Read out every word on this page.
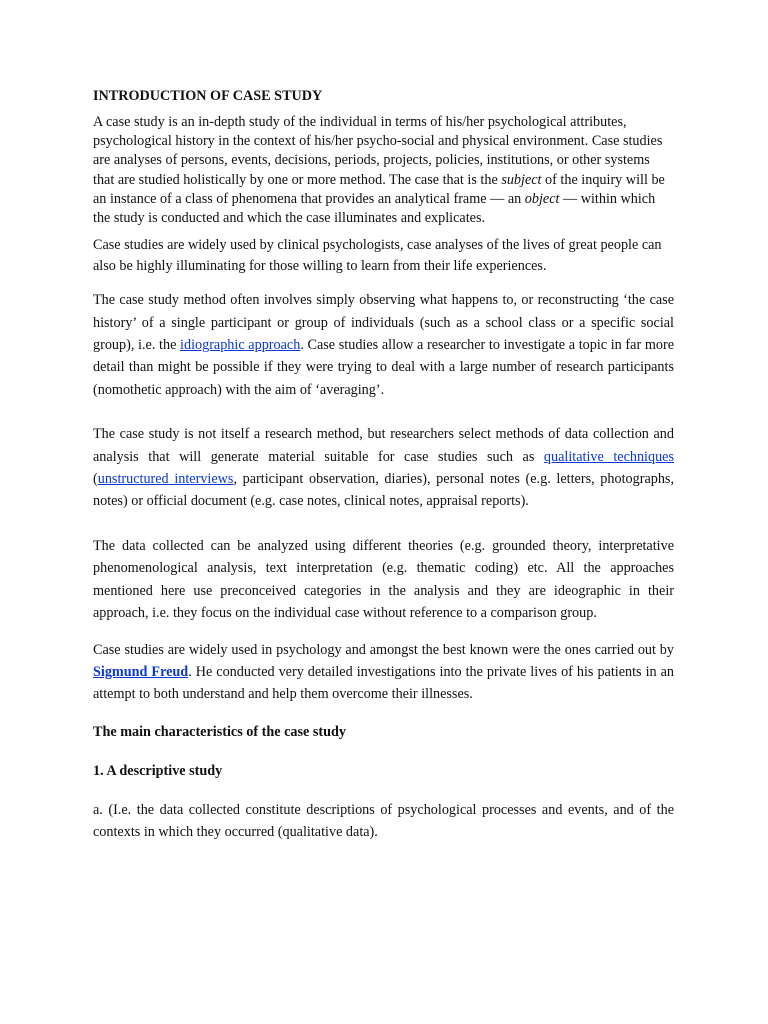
INTRODUCTION OF CASE STUDY

A case study is an in-depth study of the individual in terms of his/her psychological attributes, psychological history in the context of his/her psycho-social and physical environment. Case studies are analyses of persons, events, decisions, periods, projects, policies, institutions, or other systems that are studied holistically by one or more method. The case that is the subject of the inquiry will be an instance of a class of phenomena that provides an analytical frame — an object — within which the study is conducted and which the case illuminates and explicates.

Case studies are widely used by clinical psychologists, case analyses of the lives of great people can also be highly illuminating for those willing to learn from their life experiences.

The case study method often involves simply observing what happens to, or reconstructing ‘the case history’ of a single participant or group of individuals (such as a school class or a specific social group), i.e. the idiographic approach. Case studies allow a researcher to investigate a topic in far more detail than might be possible if they were trying to deal with a large number of research participants (nomothetic approach) with the aim of ‘averaging’.

The case study is not itself a research method, but researchers select methods of data collection and analysis that will generate material suitable for case studies such as qualitative techniques (unstructured interviews, participant observation, diaries), personal notes (e.g. letters, photographs, notes) or official document (e.g. case notes, clinical notes, appraisal reports).

The data collected can be analyzed using different theories (e.g. grounded theory, interpretative phenomenological analysis, text interpretation (e.g. thematic coding) etc. All the approaches mentioned here use preconceived categories in the analysis and they are ideographic in their approach, i.e. they focus on the individual case without reference to a comparison group.

Case studies are widely used in psychology and amongst the best known were the ones carried out by Sigmund Freud. He conducted very detailed investigations into the private lives of his patients in an attempt to both understand and help them overcome their illnesses.

The main characteristics of the case study
1. A descriptive study

a. (I.e. the data collected constitute descriptions of psychological processes and events, and of the contexts in which they occurred (qualitative data).
